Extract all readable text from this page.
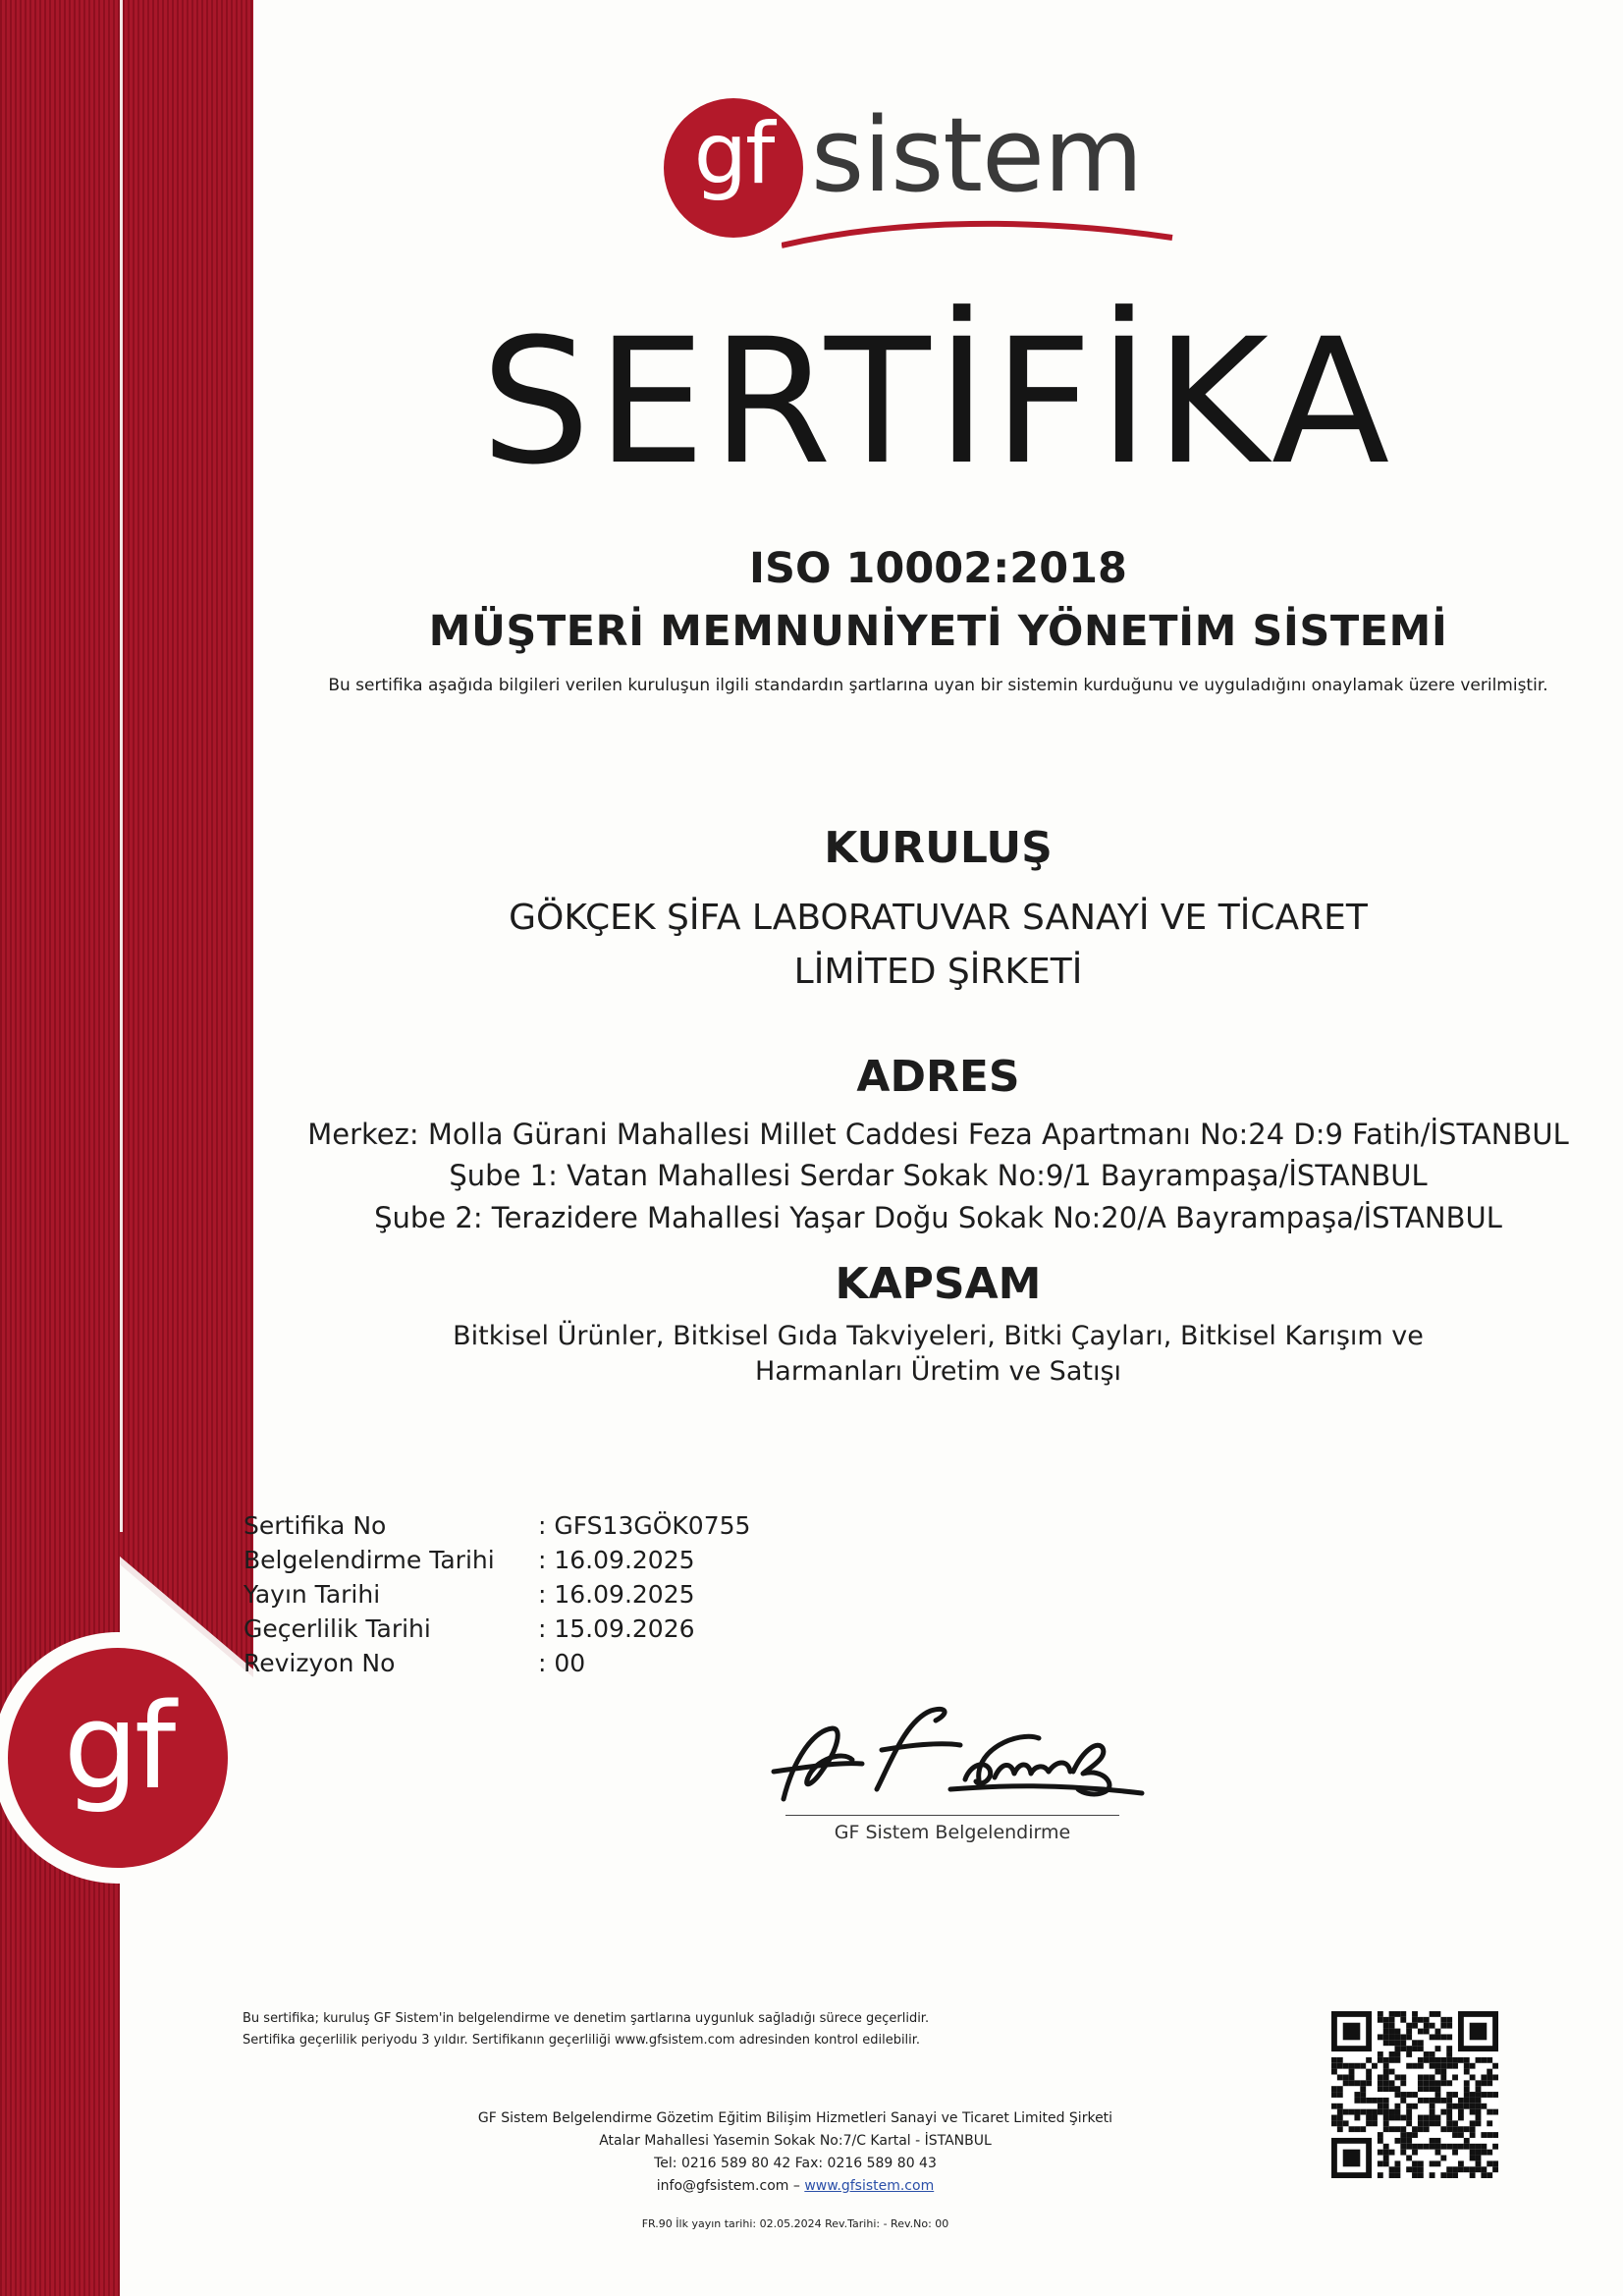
gf
gf sistem
SERTİFİKA
ISO 10002:2018
MÜŞTERİ MEMNUNİYETİ YÖNETİM SİSTEMİ
Bu sertifika aşağıda bilgileri verilen kuruluşun ilgili standardın şartlarına uyan bir sistemin kurduğunu ve uyguladığını onaylamak üzere verilmiştir.
KURULUŞ
GÖKÇEK ŞİFA LABORATUVAR SANAYİ VE TİCARET
LİMİTED ŞİRKETİ
ADRES
Merkez: Molla Gürani Mahallesi Millet Caddesi Feza Apartmanı No:24 D:9 Fatih/İSTANBUL
Şube 1: Vatan Mahallesi Serdar Sokak No:9/1 Bayrampaşa/İSTANBUL
Şube 2: Terazidere Mahallesi Yaşar Doğu Sokak No:20/A Bayrampaşa/İSTANBUL
KAPSAM
Bitkisel Ürünler, Bitkisel Gıda Takviyeleri, Bitki Çayları, Bitkisel Karışım ve
Harmanları Üretim ve Satışı
Sertifika No	: GFS13GÖK0755
Belgelendirme Tarihi	: 16.09.2025
Yayın Tarihi	: 16.09.2025
Geçerlilik Tarihi	: 15.09.2026
Revizyon No	: 00
GF Sistem Belgelendirme
Bu sertifika; kuruluş GF Sistem'in belgelendirme ve denetim şartlarına uygunluk sağladığı sürece geçerlidir.
Sertifika geçerlilik periyodu 3 yıldır. Sertifikanın geçerliliği www.gfsistem.com adresinden kontrol edilebilir.
GF Sistem Belgelendirme Gözetim Eğitim Bilişim Hizmetleri Sanayi ve Ticaret Limited Şirketi
Atalar Mahallesi Yasemin Sokak No:7/C Kartal - İSTANBUL
Tel: 0216 589 80 42 Fax: 0216 589 80 43
info@gfsistem.com – www.gfsistem.com
FR.90 İlk yayın tarihi: 02.05.2024 Rev.Tarihi: - Rev.No: 00
